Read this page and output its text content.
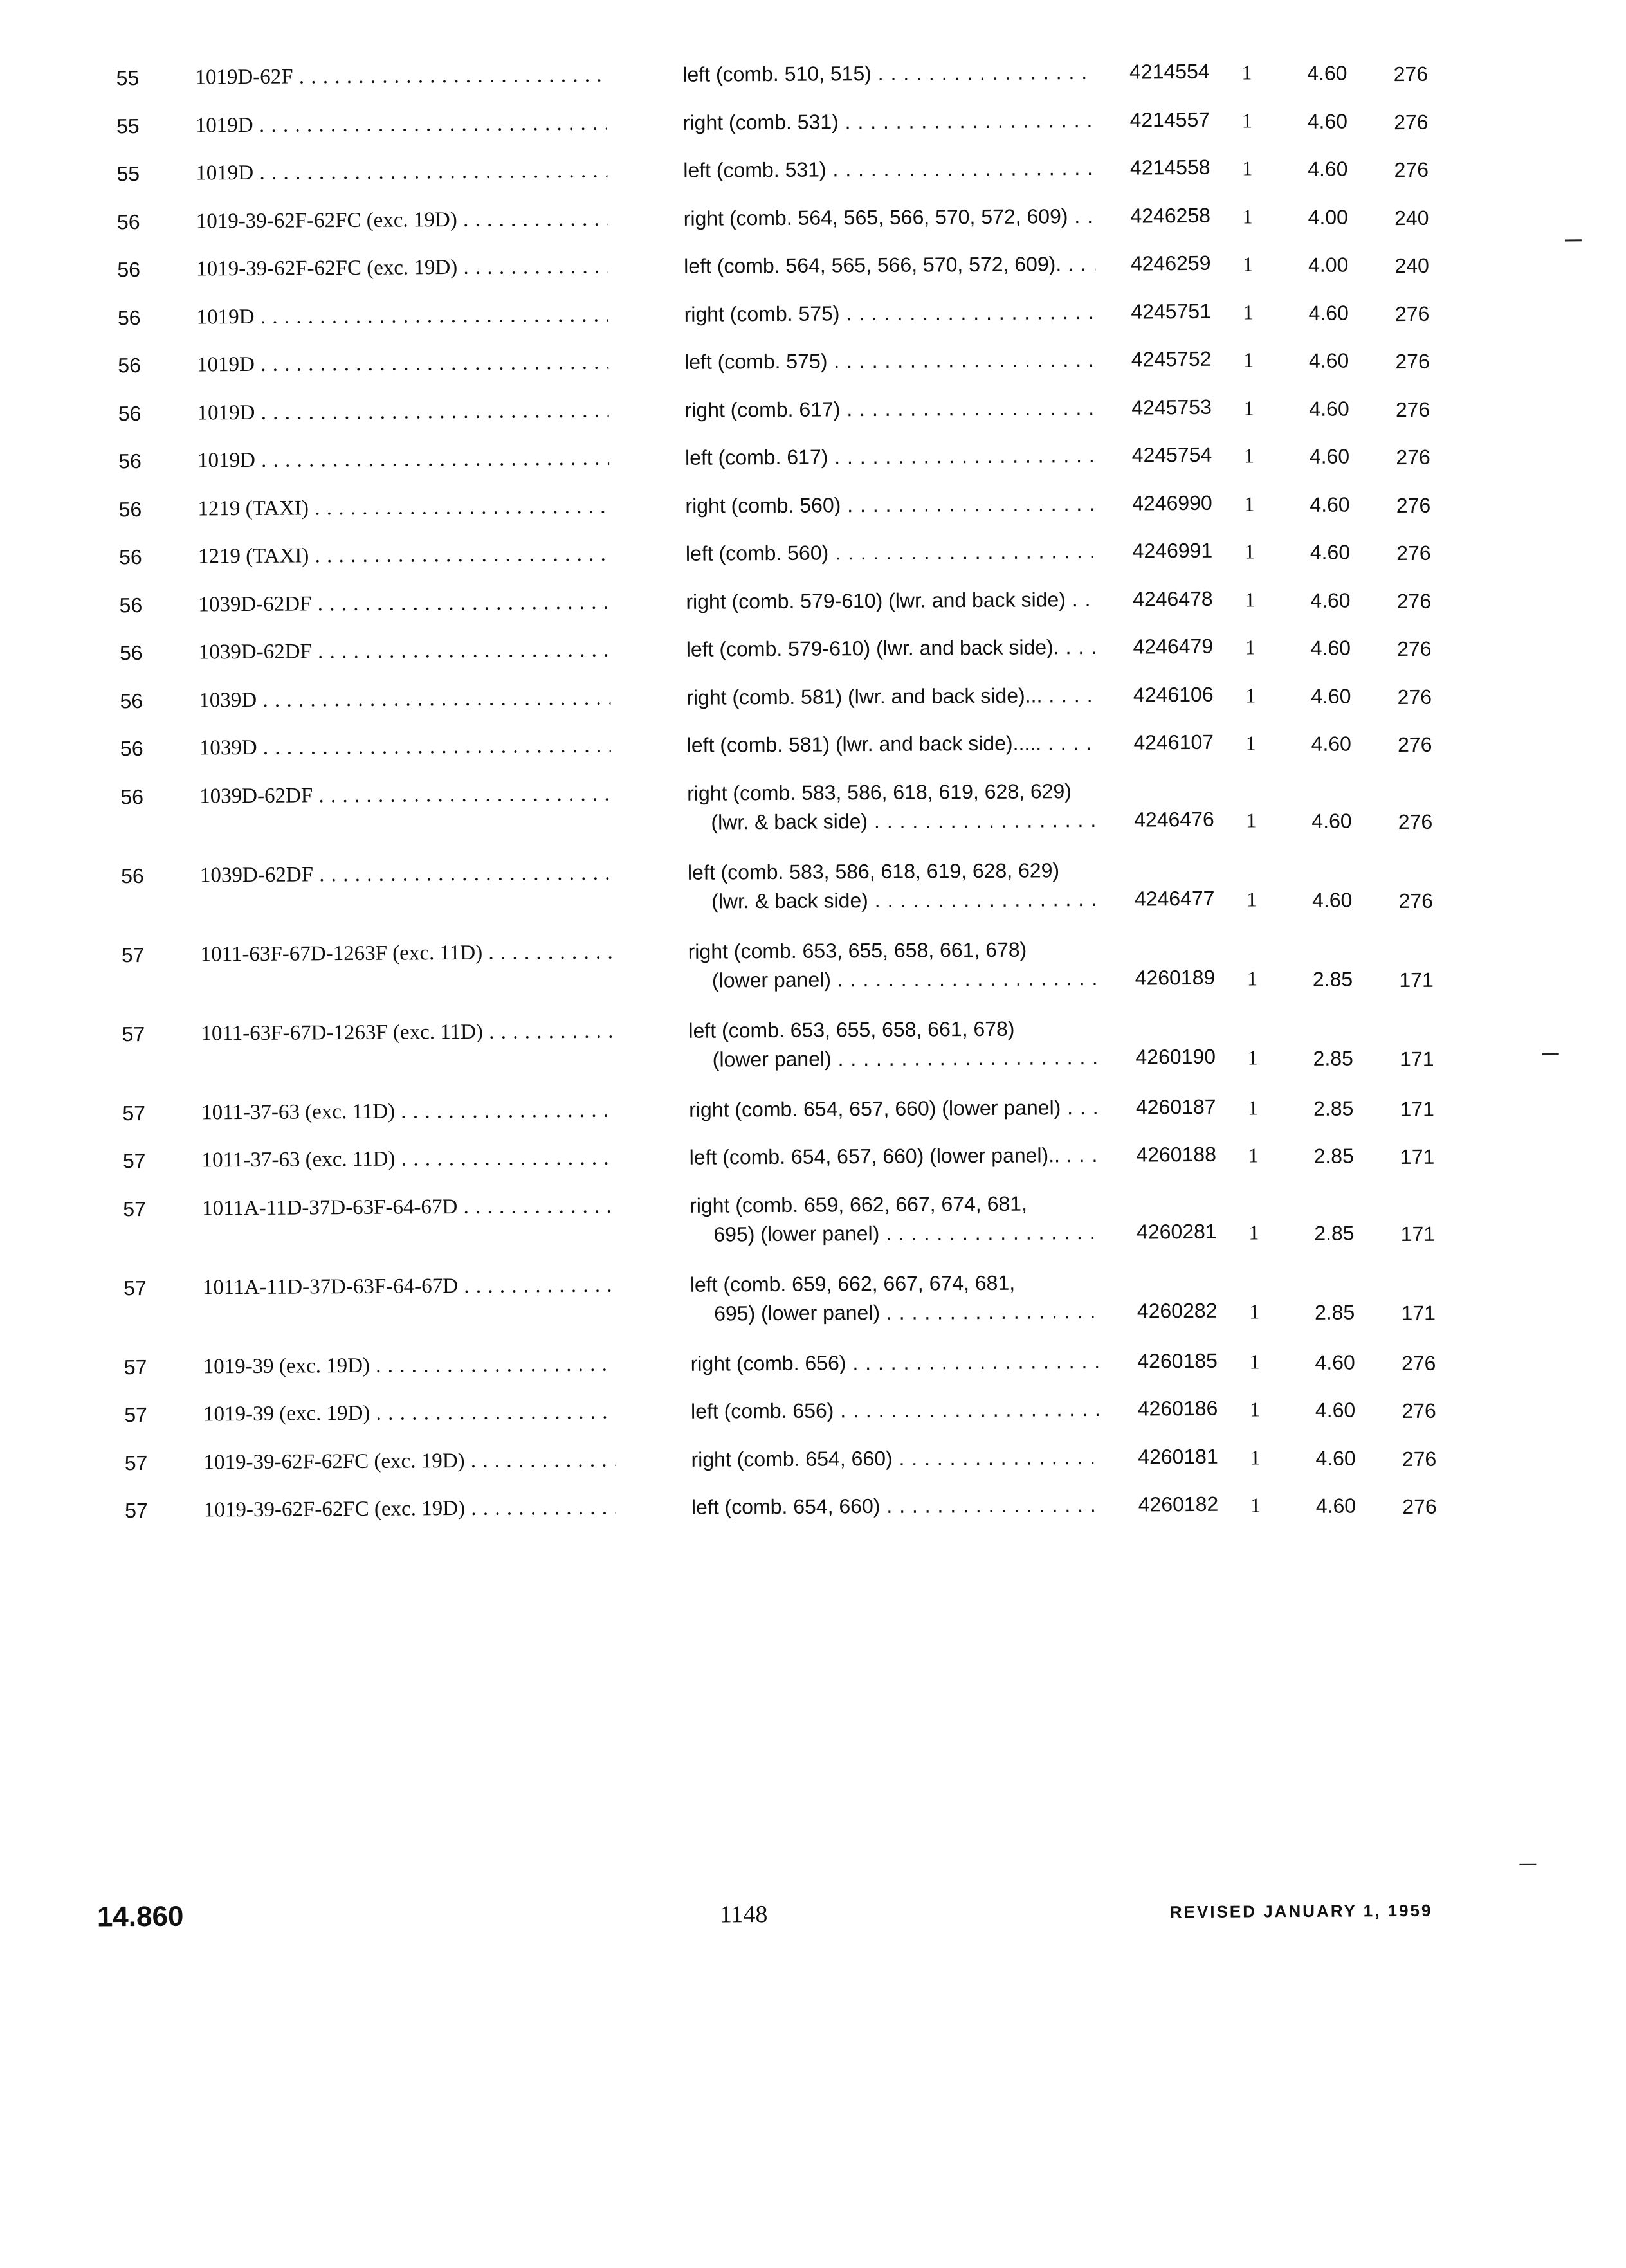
55	1019D-62F . . .	left (comb. 510, 515) . . .	4214554	1	4.60	276
55	1019D . . .	right (comb. 531) . . .	4214557	1	4.60	276
55	1019D . . .	left (comb. 531) . . .	4214558	1	4.60	276
56	1019-39-62F-62FC (exc. 19D) . . .	right (comb. 564, 565, 566, 570, 572, 609) . . .	4246258	1	4.00	240
56	1019-39-62F-62FC (exc. 19D) . . .	left (comb. 564, 565, 566, 570, 572, 609). . . .	4246259	1	4.00	240
56	1019D . . .	right (comb. 575) . . .	4245751	1	4.60	276
56	1019D . . .	left (comb. 575) . . .	4245752	1	4.60	276
56	1019D . . .	right (comb. 617) . . .	4245753	1	4.60	276
56	1019D . . .	left (comb. 617) . . .	4245754	1	4.60	276
56	1219 (TAXI) . . .	right (comb. 560) . . .	4246990	1	4.60	276
56	1219 (TAXI) . . .	left (comb. 560) . . .	4246991	1	4.60	276
56	1039D-62DF . . .	right (comb. 579-610) (lwr. and back side) . . .	4246478	1	4.60	276
56	1039D-62DF . . .	left (comb. 579-610) (lwr. and back side). . . .	4246479	1	4.60	276
56	1039D . . .	right (comb. 581) (lwr. and back side)... . . .	4246106	1	4.60	276
56	1039D . . .	left (comb. 581) (lwr. and back side)..... . . .	4246107	1	4.60	276
56	1039D-62DF . . .	right (comb. 583, 586, 618, 619, 628, 629)
(lwr. & back side) . . .	4246476	1	4.60	276
56	1039D-62DF . . .	left (comb. 583, 586, 618, 619, 628, 629)
(lwr. & back side) . . .	4246477	1	4.60	276
57	1011-63F-67D-1263F (exc. 11D) . . .	right (comb. 653, 655, 658, 661, 678)
(lower panel) . . .	4260189	1	2.85	171
57	1011-63F-67D-1263F (exc. 11D) . . .	left (comb. 653, 655, 658, 661, 678)
(lower panel) . . .	4260190	1	2.85	171
57	1011-37-63 (exc. 11D) . . .	right (comb. 654, 657, 660) (lower panel) . . .	4260187	1	2.85	171
57	1011-37-63 (exc. 11D) . . .	left (comb. 654, 657, 660) (lower panel).. . . .	4260188	1	2.85	171
57	1011A-11D-37D-63F-64-67D . . .	right (comb. 659, 662, 667, 674, 681,
695) (lower panel) . . .	4260281	1	2.85	171
57	1011A-11D-37D-63F-64-67D . . .	left (comb. 659, 662, 667, 674, 681,
695) (lower panel) . . .	4260282	1	2.85	171
57	1019-39 (exc. 19D) . . .	right (comb. 656) . . .	4260185	1	4.60	276
57	1019-39 (exc. 19D) . . .	left (comb. 656) . . .	4260186	1	4.60	276
57	1019-39-62F-62FC (exc. 19D) . . .	right (comb. 654, 660) . . .	4260181	1	4.60	276
57	1019-39-62F-62FC (exc. 19D) . . .	left (comb. 654, 660) . . .	4260182	1	4.60	276
14.860	1148	REVISED JANUARY 1, 1959
